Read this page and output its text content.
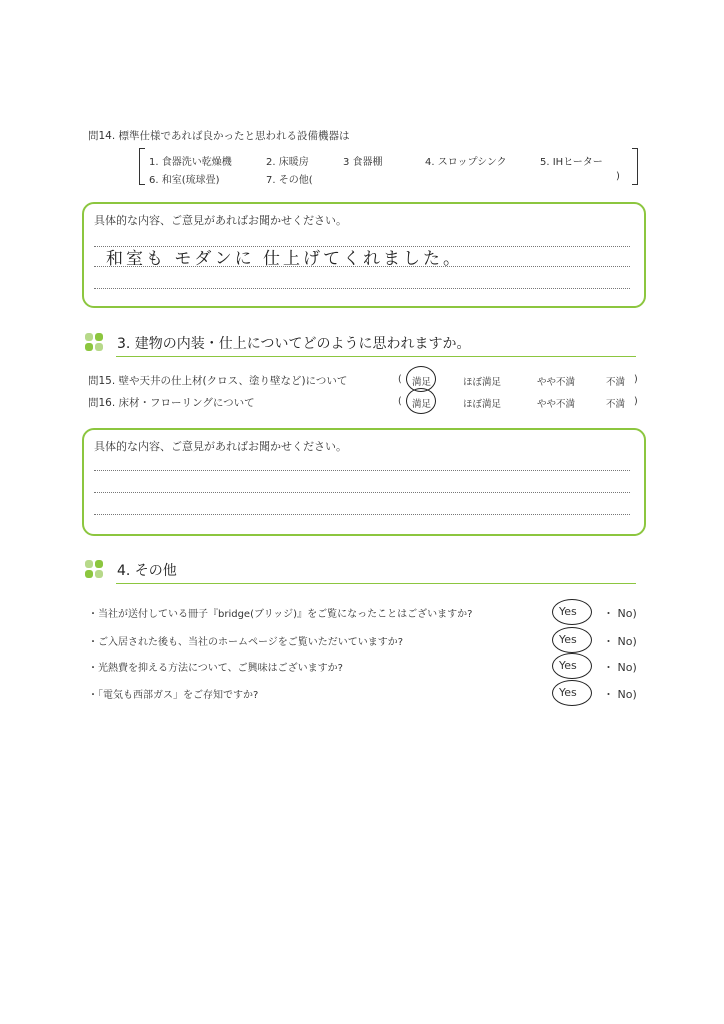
問14. 標準仕様であれば良かったと思われる設備機器は
1. 食器洗い乾燥機	2. 床暖房	3 食器棚	4. スロップシンク	5. IHヒーター
6. 和室(琉球畳)	7. その他(	)
具体的な内容、ご意見があればお聞かせください。
和室も モダンに 仕上げてくれました。
3. 建物の内装・仕上についてどのように思われますか。
問15. 壁や天井の仕上材(クロス、塗り壁など)について	( 満足	ほぼ満足	やや不満	不満 )
問16. 床材・フローリングについて	( 満足	ほぼ満足	やや不満	不満 )
具体的な内容、ご意見があればお聞かせください。
4. その他
・当社が送付している冊子『bridge(ブリッジ)』をご覧になったことはございますか?	Yes ・ No)
・ご入居された後も、当社のホームページをご覧いただいていますか?	Yes ・ No)
・光熱費を抑える方法について、ご興味はございますか?	Yes ・ No)
・「電気も西部ガス」をご存知ですか?	Yes ・ No)
